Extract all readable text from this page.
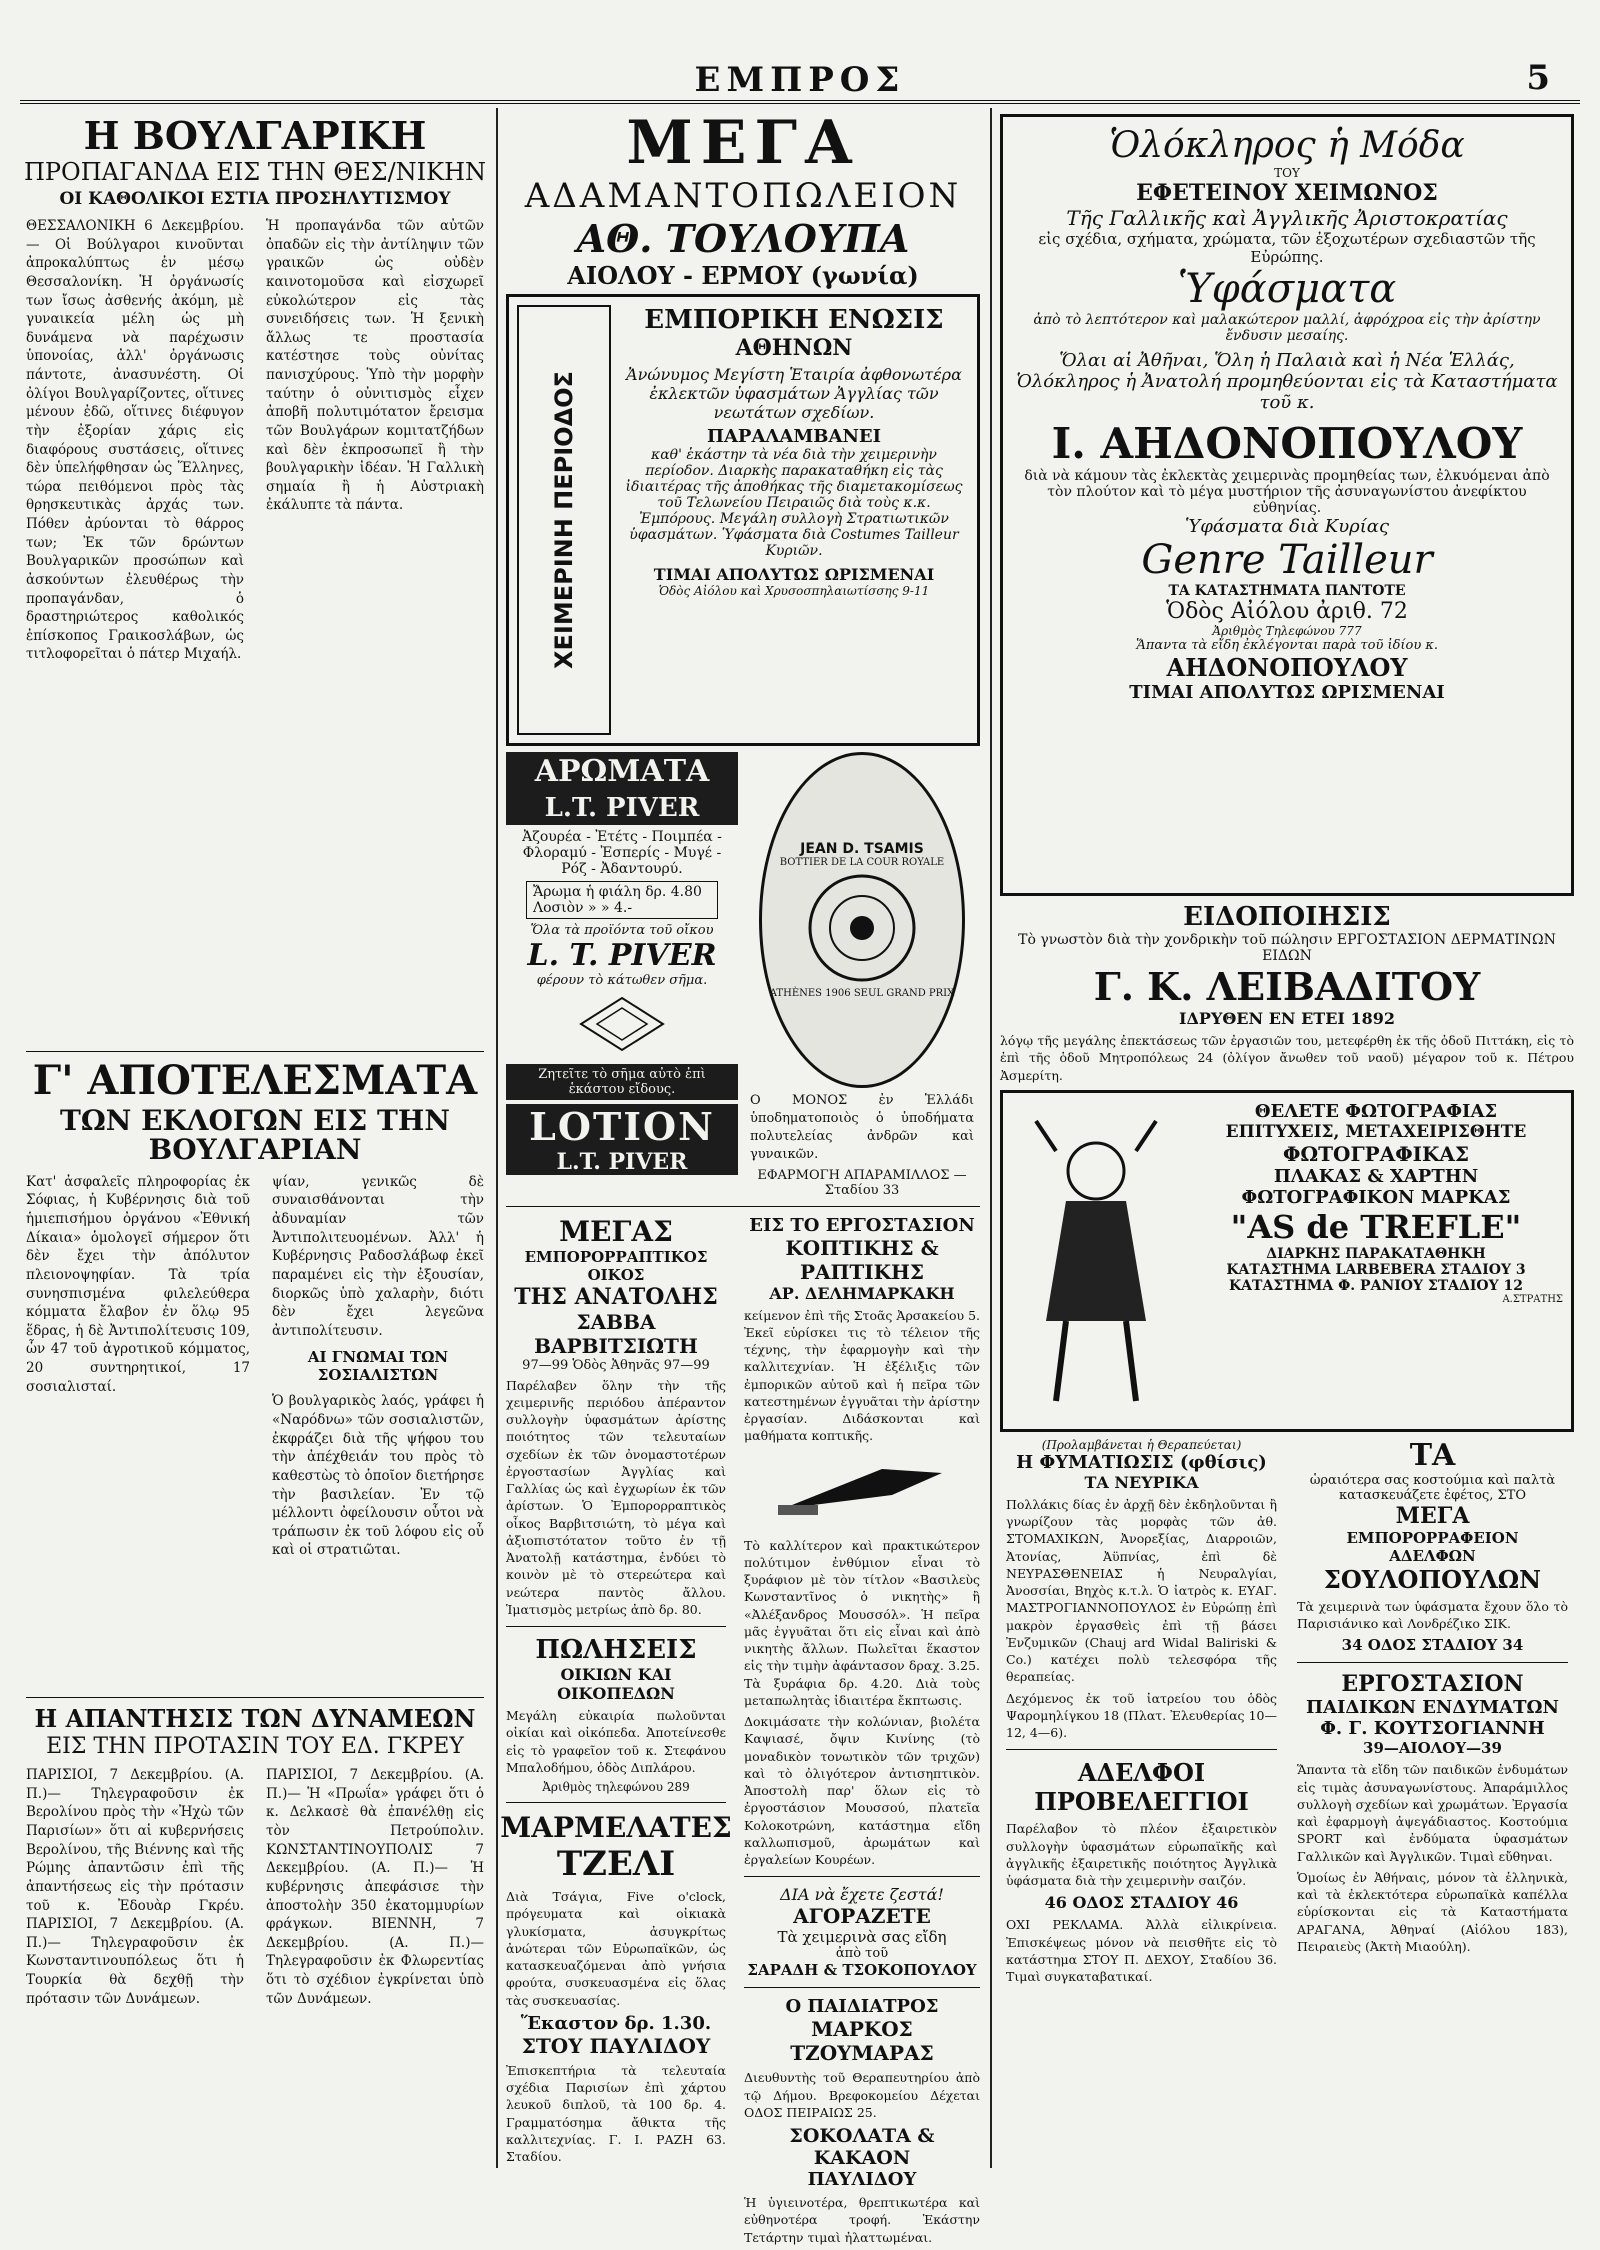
ΕΜΠΡΟΣ	5
Η ΒΟΥΛΓΑΡΙΚΗ
ΠΡΟΠΑΓΑΝΔΑ ΕΙΣ ΤΗΝ ΘΕΣ/ΝΙΚΗΝ
ΟΙ ΚΑΘΟΛΙΚΟΙ ΕΣΤΙΑ ΠΡΟΣΗΛΥΤΙΣΜΟΥ
ΘΕΣΣΑΛΟΝΙΚΗ 6 Δεκεμβρίου.— Οἱ Βούλγαροι κινοῦνται ἀπροκαλύπτως ἐν μέσῳ Θεσσαλονίκη. Ἡ ὀργάνωσίς των ἴσως ἀσθενής ἀκόμη, μὲ γυναικεία μέλη ὡς μὴ δυνάμενα νὰ παρέχωσιν ὑπονοίας, ἀλλ' ὀργάνωσις πάντοτε, ἀνασυνέστη. Οἱ ὀλίγοι Βουλγαρίζοντες, οἵτινες μένουν ἐδῶ, οἵτινες διέφυγον τὴν ἐξορίαν χάρις εἰς διαφόρους συστάσεις, οἵτινες δὲν ὑπελήφθησαν ὡς Ἕλληνες, τώρα πειθόμενοι πρὸς τὰς θρησκευτικὰς ἀρχάς των. Πόθεν ἀρύονται τὸ θάρρος των; Ἐκ τῶν δρώντων Βουλγαρικῶν προσώπων καὶ ἀσκούντων ἐλευθέρως τὴν προπαγάνδαν, ὁ δραστηριώτερος καθολικός ἐπίσκοπος Γραικοσλάβων, ὡς τιτλοφορεῖται ὁ πάτερ Μιχαήλ.
Ἡ προπαγάνδα τῶν αὐτῶν ὀπαδῶν εἰς τὴν ἀντίληψιν τῶν γραικῶν ὡς οὐδὲν καινοτομοῦσα καὶ εἰσχωρεῖ εὐκολώτερον εἰς τὰς συνειδήσεις των. Ἡ ξενικὴ ἄλλως τε προστασία κατέστησε τοὺς οὐνίτας πανισχύρους. Ὑπὸ τὴν μορφὴν ταύτην ὁ οὐνιτισμὸς εἶχεν ἀποβῆ πολυτιμότατον ἔρεισμα τῶν Βουλγάρων κομιτατζήδων καὶ δὲν ἐκπροσωπεῖ ἢ τὴν βουλγαρικὴν ἰδέαν. Ἡ Γαλλικὴ σημαία ἢ ἡ Αὐστριακὴ ἐκάλυπτε τὰ πάντα.
Γ' ΑΠΟΤΕΛΕΣΜΑΤΑ
ΤΩΝ ΕΚΛΟΓΩΝ ΕΙΣ ΤΗΝ ΒΟΥΛΓΑΡΙΑΝ
Κατ' ἀσφαλεῖς πληροφορίας ἐκ Σόφιας, ἡ Κυβέρνησις διὰ τοῦ ἡμιεπισήμου ὀργάνου «Ἐθνική Δίκαια» ὁμολογεῖ σήμερον ὅτι δὲν ἔχει τὴν ἀπόλυτον πλειονοψηφίαν. Τὰ τρία συνησπισμένα φιλελεύθερα κόμματα ἔλαβον ἐν ὅλῳ 95 ἕδρας, ἡ δὲ Ἀντιπολίτευσις 109, ὧν 47 τοῦ ἀγροτικοῦ κόμματος, 20 συντηρητικοί, 17 σοσιαλισταί.
ψίαν, γενικῶς δὲ συναισθάνονται τὴν ἀδυναμίαν τῶν Ἀντιπολιτευομένων. Ἀλλ' ἡ Κυβέρνησις Ραδοσλάβωφ ἐκεῖ παραμένει εἰς τὴν ἐξουσίαν, διορκῶς ὑπὸ χαλαρὴν, διότι δὲν ἔχει λεγεῶνα ἀντιπολίτευσιν.
ΑΙ ΓΝΩΜΑΙ ΤΩΝ ΣΟΣΙΑΛΙΣΤΩΝ
Ὁ βουλγαρικὸς λαός, γράφει ἡ «Ναρόδνω» τῶν σοσιαλιστῶν, ἐκφράζει διὰ τῆς ψήφου του τὴν ἀπέχθειάν του πρὸς τὸ καθεστὼς τὸ ὁποῖον διετήρησε τὴν βασιλείαν. Ἐν τῷ μέλλοντι ὀφείλουσιν οὗτοι νὰ τράπωσιν ἐκ τοῦ λόφου εἰς οὗ καὶ οἱ στρατιῶται.
Η ΑΠΑΝΤΗΣΙΣ ΤΩΝ ΔΥΝΑΜΕΩΝ
ΕΙΣ ΤΗΝ ΠΡΟΤΑΣΙΝ ΤΟΥ ΕΔ. ΓΚΡΕΥ
ΠΑΡΙΣΙΟΙ, 7 Δεκεμβρίου. (Α. Π.)— Τηλεγραφοῦσιν ἐκ Βερολίνου πρὸς τὴν «Ἠχὼ τῶν Παρισίων» ὅτι αἱ κυβερνήσεις Βερολίνου, τῆς Βιέννης καὶ τῆς Ρώμης ἀπαντῶσιν ἐπὶ τῆς ἀπαντήσεως εἰς τὴν πρότασιν τοῦ κ. Ἐδουὰρ Γκρέυ. ΠΑΡΙΣΙΟΙ, 7 Δεκεμβρίου. (Α. Π.)— Τηλεγραφοῦσιν ἐκ Κωνσταντινουπόλεως ὅτι ἡ Τουρκία θὰ δεχθῇ τὴν πρότασιν τῶν Δυνάμεων.
ΠΑΡΙΣΙΟΙ, 7 Δεκεμβρίου. (Α. Π.)— Ἡ «Πρωΐα» γράφει ὅτι ὁ κ. Δελκασὲ θὰ ἐπανέλθῃ εἰς τὸν Πετρούπολιν. ΚΩΝΣΤΑΝΤΙΝΟΥΠΟΛΙΣ 7 Δεκεμβρίου. (Α. Π.)— Ἡ κυβέρνησις ἀπεφάσισε τὴν ἀποστολὴν 350 ἑκατομμυρίων φράγκων. ΒΙΕΝΝΗ, 7 Δεκεμβρίου. (Α. Π.)— Τηλεγραφοῦσιν ἐκ Φλωρεντίας ὅτι τὸ σχέδιον ἐγκρίνεται ὑπὸ τῶν Δυνάμεων.
ΜΕΓΑ
ΑΔΑΜΑΝΤΟΠΩΛΕΙΟΝ
ΑΘ. ΤΟΥΛΟΥΠΑ
ΑΙΟΛΟΥ - ΕΡΜΟΥ (γωνία)
ΧΕΙΜΕΡΙΝΗ ΠΕΡΙΟΔΟΣ
ΕΜΠΟΡΙΚΗ ΕΝΩΣΙΣ
ΑΘΗΝΩΝ
Ἀνώνυμος Μεγίστη Ἑταιρία ἀφθονωτέρα ἐκλεκτῶν ὑφασμάτων Ἀγγλίας τῶν νεωτάτων σχεδίων.
ΠΑΡΑΛΑΜΒΑΝΕΙ
καθ' ἑκάστην τὰ νέα διὰ τὴν χειμερινὴν περίοδον. Διαρκὴς παρακαταθήκη εἰς τὰς ἰδιαιτέρας τῆς ἀποθήκας τῆς διαμετακομίσεως τοῦ Τελωνείου Πειραιῶς διὰ τοὺς κ.κ. Ἐμπόρους. Μεγάλη συλλογὴ Στρατιωτικῶν ὑφασμάτων. Ὑφάσματα διὰ Costumes Tailleur Κυριῶν.
ΤΙΜΑΙ ΑΠΟΛΥΤΩΣ ΩΡΙΣΜΕΝΑΙ
Ὁδὸς Αἰόλου καὶ Χρυσοσπηλαιωτίσσης 9-11
ΑΡΩΜΑΤΑ
L.T. PIVER
Ἀζουρέα - Ἐτέτς - Ποιμπέα - Φλοραμύ - Ἐσπερίς - Μυγέ - Ρόζ - Ἀδαντουρύ.
Ἄρωμα ἡ φιάλη δρ. 4.80
Λοσιὸν » » 4.-
Ὅλα τὰ προϊόντα τοῦ οἴκου
L. T. PIVER
φέρουν τὸ κάτωθεν σῆμα.
Ζητεῖτε τὸ σῆμα αὐτὸ ἐπὶ ἑκάστου εἴδους.
LOTION
L.T. PIVER
JEAN D. TSAMIS
BOTTIER DE LA COUR ROYALE
ATHÈNES 1906 SEUL GRAND PRIX
Ο ΜΟΝΟΣ ἐν Ἑλλάδι ὑποδηματοποιὸς ὁ ὑποδήματα πολυτελείας ἀνδρῶν καὶ γυναικῶν.
ΕΦΑΡΜΟΓΗ ΑΠΑΡΑΜΙΛΛΟΣ — Σταδίου 33
ΜΕΓΑΣ
ΕΜΠΟΡΟΡΡΑΠΤΙΚΟΣ ΟΙΚΟΣ
ΤΗΣ ΑΝΑΤΟΛΗΣ
ΣΑΒΒΑ ΒΑΡΒΙΤΣΙΩΤΗ
97—99 Ὁδὸς Ἀθηνᾶς 97—99
Παρέλαβεν ὅλην τὴν τῆς χειμερινῆς περιόδου ἀπέραντον συλλογὴν ὑφασμάτων ἀρίστης ποιότητος τῶν τελευταίων σχεδίων ἐκ τῶν ὀνομαστοτέρων ἐργοστασίων Ἀγγλίας καὶ Γαλλίας ὡς καὶ ἐγχωρίων ἐκ τῶν ἀρίστων. Ὁ Ἐμπορορραπτικὸς οἶκος Βαρβιτσιώτη, τὸ μέγα καὶ ἀξιοπιστότατον τοῦτο ἐν τῇ Ἀνατολῇ κατάστημα, ἐνδύει τὸ κοινὸν μὲ τὸ στερεώτερα καὶ νεώτερα παντὸς ἄλλου. Ἱματισμὸς μετρίως ἀπὸ δρ. 80.
ΠΩΛΗΣΕΙΣ
ΟΙΚΙΩΝ ΚΑΙ ΟΙΚΟΠΕΔΩΝ
Μεγάλη εὐκαιρία πωλοῦνται οἰκίαι καὶ οἰκόπεδα. Ἀποτείνεσθε εἰς τὸ γραφεῖον τοῦ κ. Στεφάνου Μπαλοδήμου, ὁδὸς Διπλάρου.
Ἀριθμὸς τηλεφώνου 289
ΜΑΡΜΕΛΑΤΕΣ
ΤΖΕΛΙ
Διὰ Τσάγια, Five o'clock, πρόγευματα καὶ οἰκιακὰ γλυκίσματα, ἀσυγκρίτως ἀνώτεραι τῶν Εὐρωπαϊκῶν, ὡς κατασκευαζόμεναι ἀπὸ γνήσια φρούτα, συσκευασμένα εἰς ὅλας τὰς συσκευασίας.
Ἕκαστον δρ. 1.30.
ΣΤΟΥ ΠΑΥΛΙΔΟΥ
Ἐπισκεπτήρια τὰ τελευταία σχέδια Παρισίων ἐπὶ χάρτου λευκοῦ διπλοῦ, τὰ 100 δρ. 4. Γραμματόσημα ἄθικτα τῆς καλλιτεχνίας. Γ. Ι. ΡΑΖΗ 63. Σταδίου.
ΕΙΣ ΤΟ ΕΡΓΟΣΤΑΣΙΟΝ
ΚΟΠΤΙΚΗΣ & ΡΑΠΤΙΚΗΣ
ΑΡ. ΔΕΛΗΜΑΡΚΑΚΗ
κείμενον ἐπὶ τῆς Στοᾶς Ἀρσακείου 5. Ἐκεῖ εὑρίσκει τις τὸ τέλειον τῆς τέχνης, τὴν ἐφαρμογὴν καὶ τὴν καλλιτεχνίαν. Ἡ ἐξέλιξις τῶν ἐμπορικῶν αὐτοῦ καὶ ἡ πεῖρα τῶν κατεστημένων ἐγγυᾶται τὴν ἀρίστην ἐργασίαν. Διδάσκονται καὶ μαθήματα κοπτικῆς.
Τὸ καλλίτερον καὶ πρακτικώτερον πολύτιμον ἐνθύμιον εἶναι τὸ ξυράφιον μὲ τὸν τίτλον «Βασιλεὺς Κωνσταντῖνος ὁ νικητὴς» ἢ «Ἀλέξανδρος Μουσσόλ». Ἡ πεῖρα μᾶς ἐγγυᾶται ὅτι εἰς εἶναι καὶ ἀπὸ νικητὴς ἄλλων. Πωλεῖται ἕκαστον εἰς τὴν τιμὴν ἀφάντασον δραχ. 3.25. Τὰ ξυράφια δρ. 4.20. Διὰ τοὺς μεταπωλητὰς ἰδιαιτέρα ἔκπτωσις.
Δοκιμάσατε τὴν κολώνιαν, βιολέτα Καψιασέ, ὄψιν Κινίνης (τὸ μοναδικὸν τονωτικὸν τῶν τριχῶν) καὶ τὸ ὀλιγότερον ἀντισηπτικὸν. Ἀποστολὴ παρ' ὅλων εἰς τὸ ἐργοστάσιον Μουσσού, πλατεῖα Κολοκοτρώνη, κατάστημα εἴδη καλλωπισμοῦ, ἀρωμάτων καὶ ἐργαλείων Κουρέων.
ΔΙΑ νὰ ἔχετε ζεστά!
ΑΓΟΡΑΖΕΤΕ
Τὰ χειμερινὰ σας εἴδη
ἀπὸ τοῦ
ΣΑΡΑΔΗ & ΤΣΟΚΟΠΟΥΛΟΥ
Ο ΠΑΙΔΙΑΤΡΟΣ
ΜΑΡΚΟΣ ΤΖΟΥΜΑΡΑΣ
Διευθυντὴς τοῦ Θεραπευτηρίου ἀπὸ τῷ Δήμου. Βρεφοκομείου Δέχεται ΟΔΟΣ ΠΕΙΡΑΙΩΣ 25.
ΣΟΚΟΛΑΤΑ & ΚΑΚΑΟΝ
ΠΑΥΛΙΔΟΥ
Ἡ ὑγιεινοτέρα, θρεπτικωτέρα καὶ εὐθηνοτέρα τροφή. Ἑκάστην Τετάρτην τιμαὶ ἠλαττωμέναι.
Ὁλόκληρος ἡ Μόδα
ΤΟΥ
ΕΦΕΤΕΙΝΟΥ ΧΕΙΜΩΝΟΣ
Τῆς Γαλλικῆς καὶ Ἀγγλικῆς Ἀριστοκρατίας
εἰς σχέδια, σχήματα, χρώματα, τῶν ἐξοχωτέρων σχεδιαστῶν τῆς Εὐρώπης.
Ὑφάσματα
ἀπὸ τὸ λεπτότερον καὶ μαλακώτερον μαλλί, ἀφρόχροα εἰς τὴν ἀρίστην ἔνδυσιν μεσαίης.
Ὅλαι αἱ Ἀθῆναι, Ὅλη ἡ Παλαιὰ καὶ ἡ Νέα Ἑλλάς, Ὁλόκληρος ἡ Ἀνατολή προμηθεύονται εἰς τὰ Καταστήματα τοῦ κ.
Ι. ΑΗΔΟΝΟΠΟΥΛΟΥ
διὰ νὰ κάμουν τὰς ἐκλεκτὰς χειμερινὰς προμηθείας των, ἐλκυόμεναι ἀπὸ τὸν πλούτον καὶ τὸ μέγα μυστήριον τῆς ἀσυναγωνίστου ἀνεφίκτου εὐθηνίας.
Ὑφάσματα διὰ Κυρίας
Genre Tailleur
ΤΑ ΚΑΤΑΣΤΗΜΑΤΑ ΠΑΝΤΟΤΕ
Ὁδὸς Αἰόλου ἀριθ. 72
Ἀριθμὸς Τηλεφώνου 777
Ἅπαντα τὰ εἴδη ἐκλέγονται παρὰ τοῦ ἰδίου κ.
ΑΗΔΟΝΟΠΟΥΛΟΥ
ΤΙΜΑΙ ΑΠΟΛΥΤΩΣ ΩΡΙΣΜΕΝΑΙ
ΕΙΔΟΠΟΙΗΣΙΣ
Τὸ γνωστὸν διὰ τὴν χονδρικὴν τοῦ πώλησιν ΕΡΓΟΣΤΑΣΙΟΝ ΔΕΡΜΑΤΙΝΩΝ ΕΙΔΩΝ
Γ. Κ. ΛΕΙΒΑΔΙΤΟΥ
ΙΔΡΥΘΕΝ ΕΝ ΕΤΕΙ 1892
λόγῳ τῆς μεγάλης ἐπεκτάσεως τῶν ἐργασιῶν του, μετεφέρθη ἐκ τῆς ὁδοῦ Πιττάκη, εἰς τὸ ἐπὶ τῆς ὁδοῦ Μητροπόλεως 24 (ὀλίγον ἄνωθεν τοῦ ναοῦ) μέγαρον τοῦ κ. Πέτρου Ἀσμερίτη.
ΘΕΛΕΤΕ ΦΩΤΟΓΡΑΦΙΑΣ
ΕΠΙΤΥΧΕΙΣ, ΜΕΤΑΧΕΙΡΙΣΘΗΤΕ
ΦΩΤΟΓΡΑΦΙΚΑΣ
ΠΛΑΚΑΣ & ΧΑΡΤΗΝ ΦΩΤΟΓΡΑΦΙΚΟΝ ΜΑΡΚΑΣ
"AS de TREFLE"
ΔΙΑΡΚΗΣ ΠΑΡΑΚΑΤΑΘΗΚΗ
ΚΑΤΑΣΤΗΜΑ LARBEBERA ΣΤΑΔΙΟΥ 3
ΚΑΤΑΣΤΗΜΑ Φ. ΡΑΝΙΟΥ ΣΤΑΔΙΟΥ 12
Α.ΣΤΡΑΤΗΣ
(Προλαμβάνεται ἡ Θεραπεύεται)
Η ΦΥΜΑΤΙΩΣΙΣ (φθίσις)
ΤΑ ΝΕΥΡΙΚΑ
Πολλάκις δίας ἐν ἀρχῇ δὲν ἐκδηλοῦνται ἢ γνωρίζουν τὰς μορφὰς τῶν ἀθ. ΣΤΟΜΑΧΙΚΩΝ, Ἀνορεξίας, Διαρροιῶν, Ἀτονίας, Ἀϋπνίας, ἐπὶ δὲ ΝΕΥΡΑΣΘΕΝΕΙΑΣ ἡ Νευραλγίαι, Ἀνοσσίαι, Βηχὸς κ.τ.λ. Ὁ ἰατρὸς κ. ΕΥΑΓ. ΜΑΣΤΡΟΓΙΑΝΝΟΠΟΥΛΟΣ ἐν Εὐρώπῃ ἐπὶ μακρὸν ἐργασθεὶς ἐπὶ τῇ βάσει Ἐνζυμικῶν (Chauj ard Widal Baliriski & Co.) κατέχει πολὺ τελεσφόρα τῆς θεραπείας.
Δεχόμενος ἐκ τοῦ ἰατρείου του ὁδὸς Ψαρομηλίγκου 18 (Πλατ. Ἐλευθερίας 10—12, 4—6).
ΑΔΕΛΦΟΙ
ΠΡΟΒΕΛΕΓΓΙΟΙ
Παρέλαβον τὸ πλέον ἐξαιρετικὸν συλλογὴν ὑφασμάτων εὐρωπαϊκῆς καὶ ἀγγλικῆς ἐξαιρετικῆς ποιότητος Ἀγγλικὰ ὑφάσματα διὰ τὴν χειμερινὴν σαιζόν.
46 ΟΔΟΣ ΣΤΑΔΙΟΥ 46
ΟΧΙ ΡΕΚΛΑΜΑ. Ἀλλὰ εἰλικρίνεια. Ἐπισκέψεως μόνον νὰ πεισθῆτε εἰς τὸ κατάστημα ΣΤΟΥ Π. ΔΕΧΟΥ, Σταδίου 36. Τιμαὶ συγκαταβατικαί.
ΤΑ
ὡραιότερα σας κοστούμια καὶ παλτὰ κατασκευάζετε ἐφέτος, ΣΤΟ
ΜΕΓΑ
ΕΜΠΟΡΟΡΡΑΦΕΙΟΝ
ΑΔΕΛΦΩΝ
ΣΟΥΛΟΠΟΥΛΩΝ
Τὰ χειμερινὰ των ὑφάσματα ἔχουν ὅλο τὸ Παρισιάνικο καὶ Λονδρέζικο ΣΙΚ.
34 ΟΔΟΣ ΣΤΑΔΙΟΥ 34
ΕΡΓΟΣΤΑΣΙΟΝ
ΠΑΙΔΙΚΩΝ ΕΝΔΥΜΑΤΩΝ
Φ. Γ. ΚΟΥΤΣΟΓΙΑΝΝΗ
39—ΑΙΟΛΟΥ—39
Ἅπαντα τὰ εἴδη τῶν παιδικῶν ἐνδυμάτων εἰς τιμὰς ἀσυναγωνίστους. Ἀπαράμιλλος συλλογὴ σχεδίων καὶ χρωμάτων. Ἐργασία καὶ ἐφαρμογὴ ἀψεγάδιαστος. Κοστούμια SPORT καὶ ἐνδύματα ὑφασμάτων Γαλλικῶν καὶ Ἀγγλικῶν. Τιμαὶ εὔθηναι.
Ὁμοίως ἐν Ἀθήναις, μόνον τὰ ἑλληνικὰ, καὶ τὰ ἐκλεκτότερα εὐρωπαϊκὰ καπέλλα εὑρίσκονται εἰς τὰ Καταστήματα ΑΡΑΓΑΝΑ, Ἀθηναί (Αἰόλου 183), Πειραιεὺς (Ἀκτὴ Μιαούλη).
